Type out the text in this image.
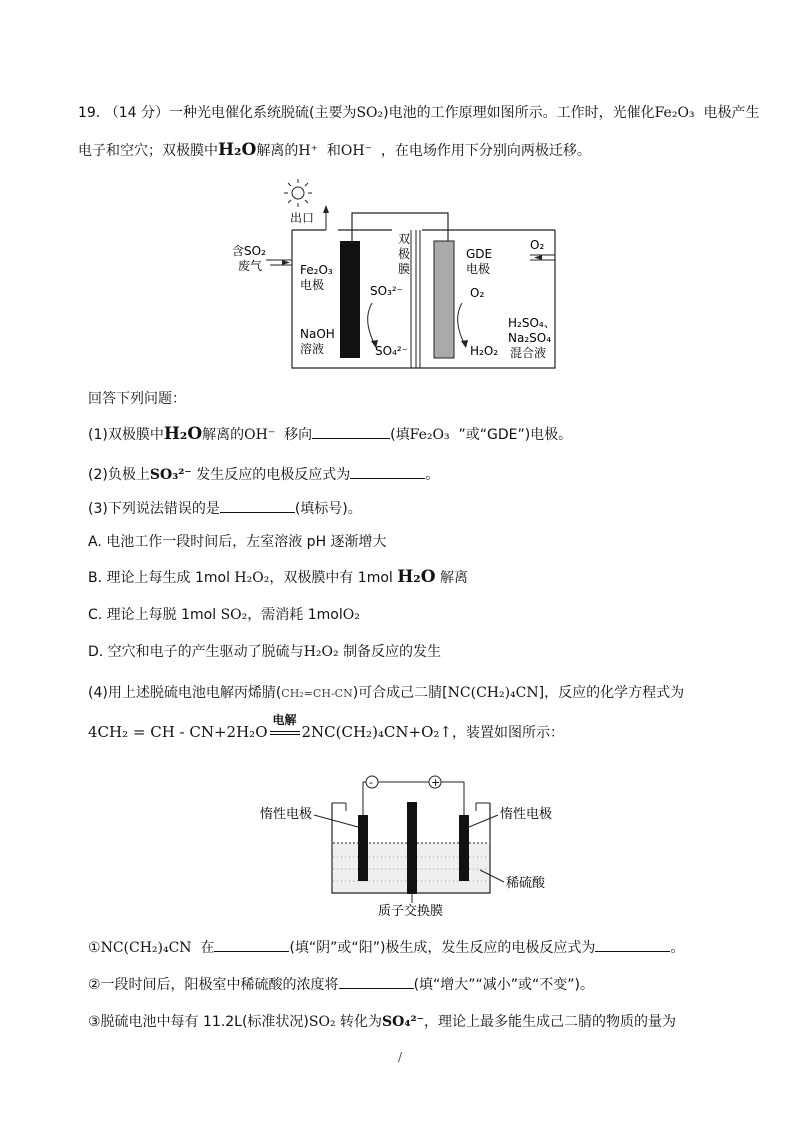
19. （14 分）一种光电催化系统脱硫(主要为SO₂)电池的工作原理如图所示。工作时，光催化Fe₂O₃ 电极产生
电子和空穴；双极膜中H₂O解离的H⁺ 和OH⁻ ，在电场作用下分别向两极迁移。
出口
含SO₂
废气
O₂
双
极
膜
Fe₂O₃
电极	SO₃²⁻
SO₄²⁻
NaOH
溶液
GDE
电极
O₂
H₂O₂
H₂SO₄、
Na₂SO₄
混合液
回答下列问题：
(1)双极膜中H₂O解离的OH⁻ 移向	(填Fe₂O₃ ”或“GDE”)电极。
(2)负极上SO₃²⁻ 发生反应的电极反应式为	。
(3)下列说法错误的是	(填标号)。
A. 电池工作一段时间后，左室溶液 pH 逐渐增大
B. 理论上每生成 1mol H₂O₂，双极膜中有 1mol H₂O 解离
C. 理论上每脱 1mol SO₂，需消耗 1molO₂
D. 空穴和电子的产生驱动了脱硫与H₂O₂ 制备反应的发生
(4)用上述脱硫电池电解丙烯腈(CH₂=CH-CN)可合成己二腈[NC(CH₂)₄CN]，反应的化学方程式为
4CH₂ = CH - CN+2H₂O
电解
2NC(CH₂)₄CN+O₂↑，装置如图所示：
-	+
惰性电极	惰性电极
稀硫酸
质子交换膜
①NC(CH₂)₄CN 在	(填“阴”或“阳”)极生成，发生反应的电极反应式为	。
②一段时间后，阳极室中稀硫酸的浓度将	(填“增大”“减小”或“不变”)。
③脱硫电池中每有 11.2L(标准状况)SO₂ 转化为SO₄²⁻，理论上最多能生成己二腈的物质的量为
/
